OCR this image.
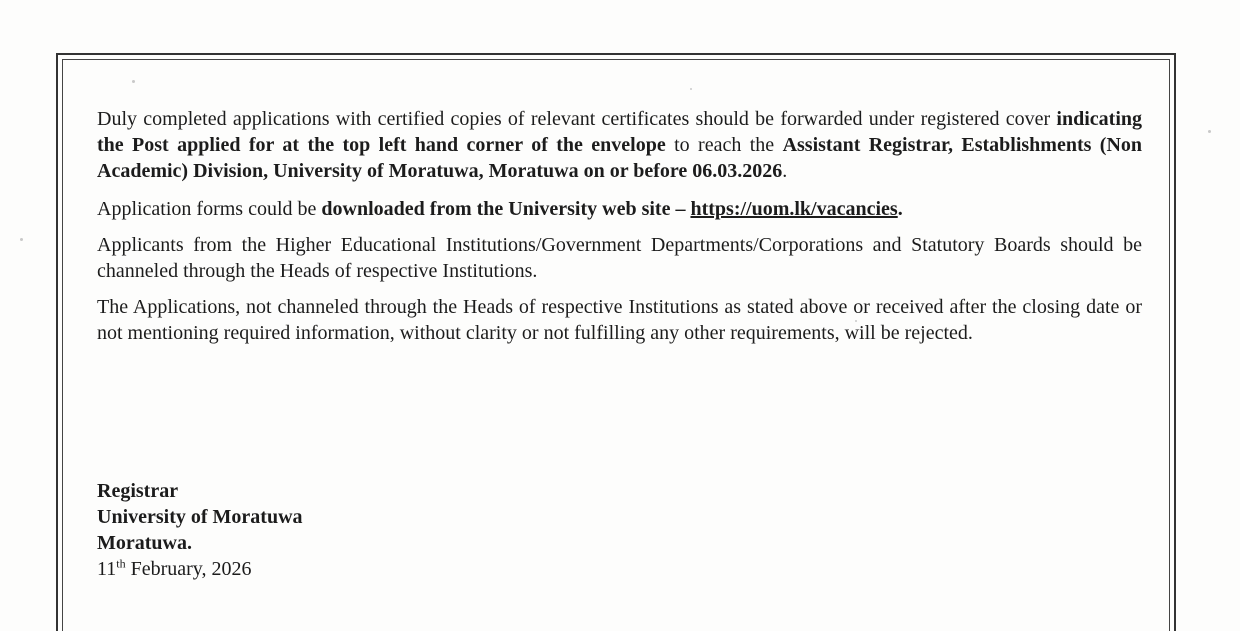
Duly completed applications with certified copies of relevant certificates should be forwarded under registered cover indicating the Post applied for at the top left hand corner of the envelope to reach the Assistant Registrar, Establishments (Non Academic) Division, University of Moratuwa, Moratuwa on or before 06.03.2026.

Application forms could be downloaded from the University web site – https://uom.lk/vacancies.

Applicants from the Higher Educational Institutions/Government Departments/Corporations and Statutory Boards should be channeled through the Heads of respective Institutions.

The Applications, not channeled through the Heads of respective Institutions as stated above or received after the closing date or not mentioning required information, without clarity or not fulfilling any other requirements, will be rejected.

Registrar
University of Moratuwa
Moratuwa.
11th February, 2026
